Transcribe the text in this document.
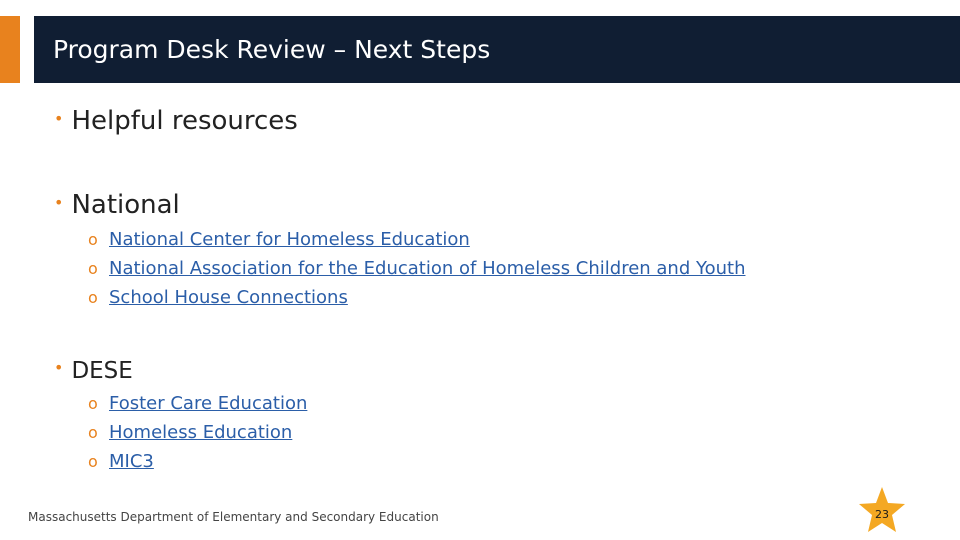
Program Desk Review – Next Steps
• Helpful resources
• National
o National Center for Homeless Education
o National Association for the Education of Homeless Children and Youth
o School House Connections
• DESE
o Foster Care Education
o Homeless Education
o MIC3
Massachusetts Department of Elementary and Secondary Education	23
